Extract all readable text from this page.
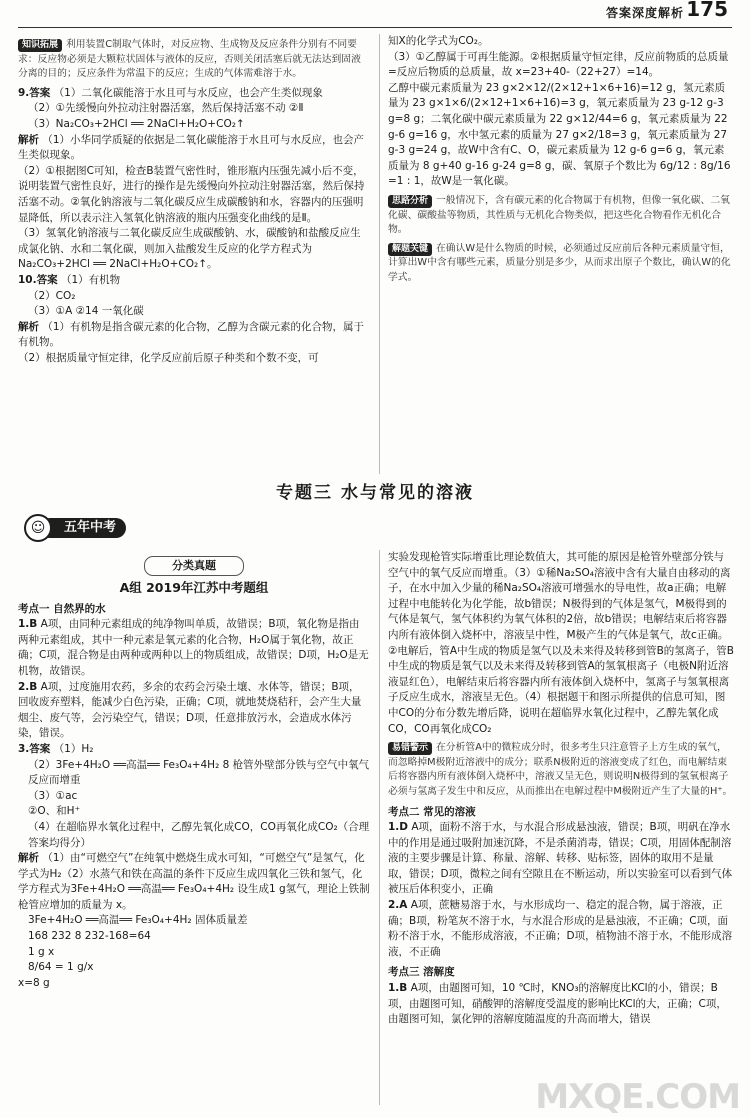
答案深度解析 175

知识拓展 利用装置C制取气体时，对反应物、生成物及反应条件分别有不同要求：反应物必须是大颗粒状固体与液体的反应，否则关闭活塞后就无法达到固液分离的目的；反应条件为常温下的反应；生成的气体需难溶于水。

9.答案 （1）二氧化碳能溶于水且可与水反应，也会产生类似现象

（2）①先缓慢向外拉动注射器活塞，然后保持活塞不动 ②Ⅱ

（3）Na₂CO₃+2HCl ══ 2NaCl+H₂O+CO₂↑

解析 （1）小华同学质疑的依据是二氧化碳能溶于水且可与水反应，也会产生类似现象。

（2）①根据图C可知，检查B装置气密性时，锥形瓶内压强先减小后不变，说明装置气密性良好，进行的操作是先缓慢向外拉动注射器活塞，然后保持活塞不动。②氧化钠溶液与二氧化碳反应生成碳酸钠和水，容器内的压强明显降低，所以表示注入氢氧化钠溶液的瓶内压强变化曲线的是Ⅱ。

（3）氢氧化钠溶液与二氧化碳反应生成碳酸钠、水，碳酸钠和盐酸反应生成氯化钠、水和二氧化碳，则加入盐酸发生反应的化学方程式为Na₂CO₃+2HCl ══ 2NaCl+H₂O+CO₂↑。

10.答案 （1）有机物

（2）CO₂

（3）①A ②14 一氧化碳

解析 （1）有机物是指含碳元素的化合物，乙醇为含碳元素的化合物，属于有机物。

（2）根据质量守恒定律，化学反应前后原子种类和个数不变，可

知X的化学式为CO₂。

（3）①乙醇属于可再生能源。②根据质量守恒定律，反应前物质的总质量=反应后物质的总质量，故 x=23+40-（22+27）=14。

乙醇中碳元素质量为 23 g×2×12/(2×12+1×6+16)=12 g，氢元素质量为 23 g×1×6/(2×12+1×6+16)=3 g，氧元素质量为 23 g-12 g-3 g=8 g；二氧化碳中碳元素质量为 22 g×12/44=6 g，氧元素质量为 22 g-6 g=16 g，水中氢元素的质量为 27 g×2/18=3 g，氧元素质量为 27 g-3 g=24 g，故W中含有C、O，碳元素质量为 12 g-6 g=6 g，氧元素质量为 8 g+40 g-16 g-24 g=8 g，碳、氧原子个数比为 6g/12 : 8g/16 =1 : 1，故W是一氧化碳。

思路分析 一般情况下，含有碳元素的化合物属于有机物，但像一氧化碳、二氧化碳、碳酸盐等物质，其性质与无机化合物类似，把这些化合物看作无机化合物。

解题关键 在确认W是什么物质的时候，必须通过反应前后各种元素质量守恒，计算出W中含有哪些元素，质量分别是多少，从而求出原子个数比，确认W的化学式。

专题三 水与常见的溶液
五年中考
☺
分类真题
A组 2019年江苏中考题组
考点一 自然界的水

1.B A项，由同种元素组成的纯净物叫单质，故错误；B项，氧化物是指由两种元素组成，其中一种元素是氧元素的化合物，H₂O属于氧化物，故正确；C项，混合物是由两种或两种以上的物质组成，故错误；D项，H₂O是无机物，故错误。

2.B A项，过度施用农药，多余的农药会污染土壤、水体等，错误；B项，回收废弃塑料，能减少白色污染，正确；C项，就地焚烧秸秆，会产生大量烟尘、废气等，会污染空气，错误；D项，任意排放污水，会造成水体污染，错误。

3.答案 （1）H₂

（2）3Fe+4H₂O ══高温══ Fe₃O₄+4H₂ 8 枪管外壁部分铁与空气中氧气反应而增重

（3）①ac

②O、和H⁺

（4）在超临界水氧化过程中，乙醇先氧化成CO，CO再氧化成CO₂（合理答案均得分）

解析 （1）由“可燃空气”在纯氧中燃烧生成水可知，“可燃空气”是氢气，化学式为H₂（2）水蒸气和铁在高温的条件下反应生成四氧化三铁和氢气，化学方程式为3Fe+4H₂O ══高温══ Fe₃O₄+4H₂ 设生成1 g氢气，理论上铁制枪管应增加的质量为 x。

3Fe+4H₂O ══高温══ Fe₃O₄+4H₂ 固体质量差

168 232 8 232-168=64

1 g x

8/64 = 1 g/x

x=8 g

实验发现枪管实际增重比理论数值大，其可能的原因是枪管外壁部分铁与空气中的氧气反应而增重。（3）①稀Na₂SO₄溶液中含有大量自由移动的离子，在水中加入少量的稀Na₂SO₄溶液可增强水的导电性，故a正确；电解过程中电能转化为化学能，故b错误；N极得到的气体是氢气，M极得到的气体是氧气，氢气体积约为氧气体积的2倍，故b错误；电解结束后将容器内所有液体倒入烧杯中，溶液呈中性，M极产生的气体是氧气，故c正确。②电解后，管A中生成的物质是氢气以及未来得及转移到管B的氢离子，管B中生成的物质是氧气以及未来得及转移到管A的氢氧根离子（电极N附近溶液显红色），电解结束后将容器内所有液体倒入烧杯中，氢离子与氢氧根离子反应生成水，溶液呈无色。（4）根据题干和图示所提供的信息可知，图中CO的分布分数先增后降，说明在超临界水氧化过程中，乙醇先氧化成CO，CO再氧化成CO₂

易错警示 在分析管A中的微粒成分时，很多考生只注意管子上方生成的氧气，而忽略掉M极附近溶液中的成分；联系N极附近的溶液变成了红色，而电解结束后将容器内所有液体倒入烧杯中，溶液又呈无色，则说明N极得到的氢氧根离子必须与氢离子发生中和反应，从而推出在电解过程中M极附近产生了大量的H⁺。

考点二 常见的溶液

1.D A项，面粉不溶于水，与水混合形成悬浊液，错误；B项，明矾在净水中的作用是通过吸附加速沉降，不是杀菌消毒，错误；C项，用固体配制溶液的主要步骤是计算、称量、溶解、转移、贴标签，固体的取用不是量取，错误；D项，微粒之间有空隙且在不断运动，所以实验室可以看到气体被压后体积变小，正确

2.A A项，蔗糖易溶于水，与水形成均一、稳定的混合物，属于溶液，正确；B项，粉笔灰不溶于水，与水混合形成的是悬浊液，不正确；C项，面粉不溶于水，不能形成溶液，不正确；D项，植物油不溶于水，不能形成溶液，不正确

考点三 溶解度

1.B A项，由题图可知，10 ℃时，KNO₃的溶解度比KCl的小，错误；B项，由题图可知，硝酸钾的溶解度受温度的影响比KCl的大，正确；C项，由题图可知，氯化钾的溶解度随温度的升高而增大，错误

MXQE.COM
